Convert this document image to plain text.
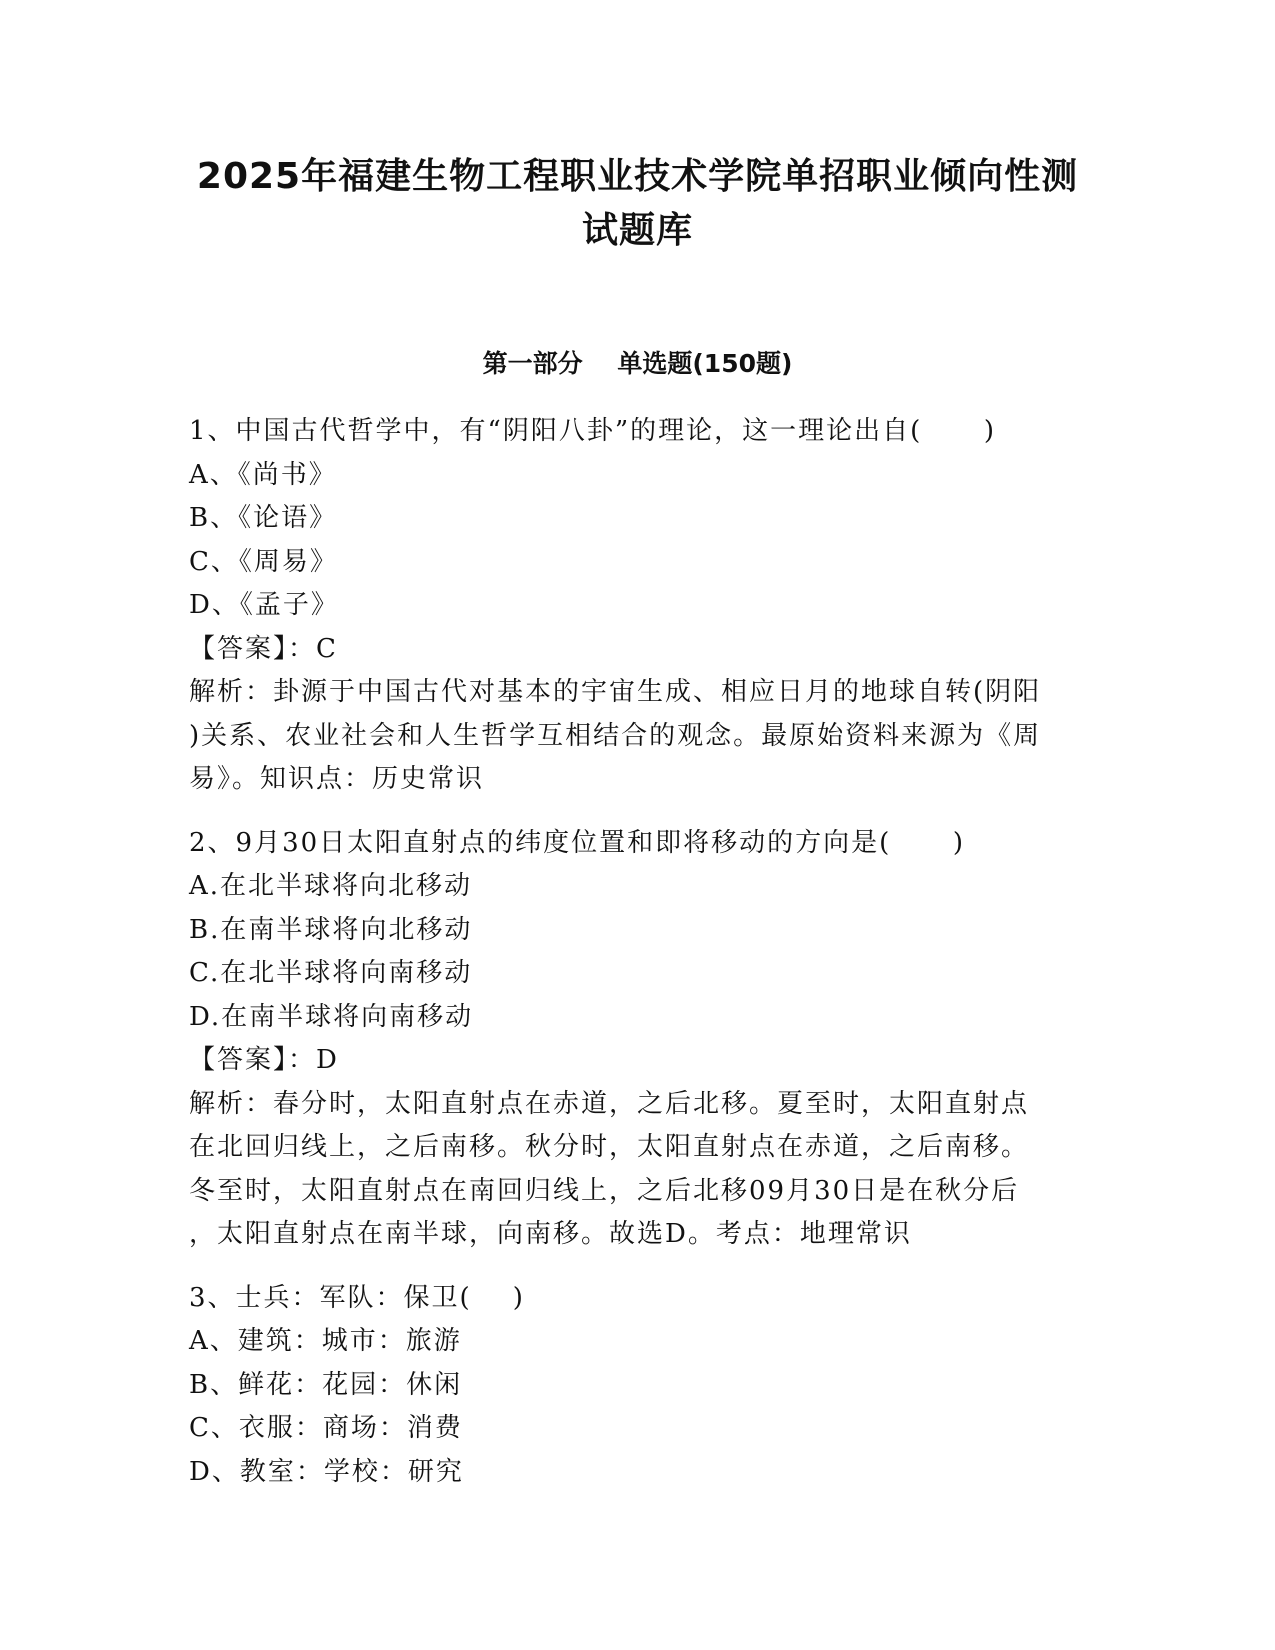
2025年福建生物工程职业技术学院单招职业倾向性测
试题库
第一部分    单选题(150题)
1、中国古代哲学中，有“阴阳八卦”的理论，这一理论出自(      )
A、《尚书》
B、《论语》
C、《周易》
D、《孟子》
【答案】：C
解析：卦源于中国古代对基本的宇宙生成、相应日月的地球自转(阴阳
)关系、农业社会和人生哲学互相结合的观念。最原始资料来源为《周
易》。知识点：历史常识
2、9月30日太阳直射点的纬度位置和即将移动的方向是(      )
A.在北半球将向北移动
B.在南半球将向北移动
C.在北半球将向南移动
D.在南半球将向南移动
【答案】：D
解析：春分时，太阳直射点在赤道，之后北移。夏至时，太阳直射点
在北回归线上，之后南移。秋分时，太阳直射点在赤道，之后南移。
冬至时，太阳直射点在南回归线上，之后北移09月30日是在秋分后
，太阳直射点在南半球，向南移。故选D。考点：地理常识
3、士兵：军队：保卫(    )
A、建筑：城市：旅游
B、鲜花：花园：休闲
C、衣服：商场：消费
D、教室：学校：研究
